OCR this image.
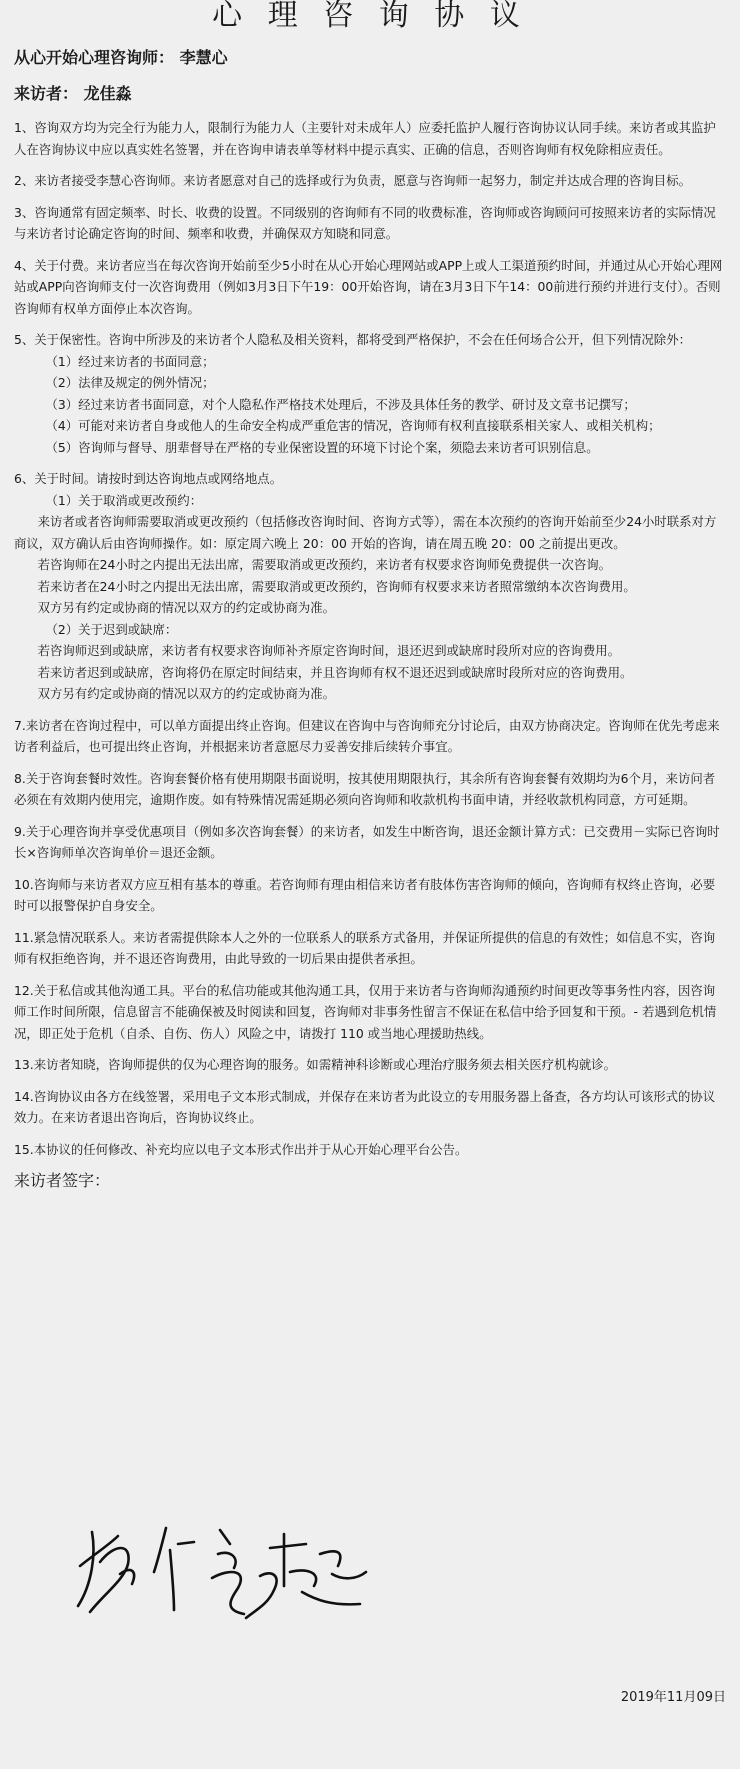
心 理 咨 询 协 议

从心开始心理咨询师： 李慧心

来访者： 龙佳淼

1、咨询双方均为完全行为能力人，限制行为能力人（主要针对未成年人）应委托监护人履行咨询协议认同手续。来访者或其监护人在咨询协议中应以真实姓名签署，并在咨询申请表单等材料中提示真实、正确的信息，否则咨询师有权免除相应责任。

2、来访者接受李慧心咨询师。来访者愿意对自己的选择或行为负责，愿意与咨询师一起努力，制定并达成合理的咨询目标。

3、咨询通常有固定频率、时长、收费的设置。不同级别的咨询师有不同的收费标准，咨询师或咨询顾问可按照来访者的实际情况与来访者讨论确定咨询的时间、频率和收费，并确保双方知晓和同意。

4、关于付费。来访者应当在每次咨询开始前至少5小时在从心开始心理网站或APP上或人工渠道预约时间，并通过从心开始心理网站或APP向咨询师支付一次咨询费用（例如3月3日下午19：00开始咨询，请在3月3日下午14：00前进行预约并进行支付）。否则咨询师有权单方面停止本次咨询。

5、关于保密性。咨询中所涉及的来访者个人隐私及相关资料，都将受到严格保护，不会在任何场合公开，但下列情况除外：
（1）经过来访者的书面同意；
（2）法律及规定的例外情况；
（3）经过来访者书面同意，对个人隐私作严格技术处理后，不涉及具体任务的教学、研讨及文章书记撰写；
（4）可能对来访者自身或他人的生命安全构成严重危害的情况，咨询师有权利直接联系相关家人、或相关机构；
（5）咨询师与督导、朋辈督导在严格的专业保密设置的环境下讨论个案，须隐去来访者可识别信息。

6、关于时间。请按时到达咨询地点或网络地点。
（1）关于取消或更改预约：
来访者或者咨询师需要取消或更改预约（包括修改咨询时间、咨询方式等），需在本次预约的咨询开始前至少24小时联系对方商议，双方确认后由咨询师操作。如：原定周六晚上 20：00 开始的咨询，请在周五晚 20：00 之前提出更改。
若咨询师在24小时之内提出无法出席，需要取消或更改预约，来访者有权要求咨询师免费提供一次咨询。
若来访者在24小时之内提出无法出席，需要取消或更改预约，咨询师有权要求来访者照常缴纳本次咨询费用。
双方另有约定或协商的情况以双方的约定或协商为准。
（2）关于迟到或缺席：
若咨询师迟到或缺席，来访者有权要求咨询师补齐原定咨询时间，退还迟到或缺席时段所对应的咨询费用。
若来访者迟到或缺席，咨询将仍在原定时间结束，并且咨询师有权不退还迟到或缺席时段所对应的咨询费用。
双方另有约定或协商的情况以双方的约定或协商为准。

7.来访者在咨询过程中，可以单方面提出终止咨询。但建议在咨询中与咨询师充分讨论后，由双方协商决定。咨询师在优先考虑来访者利益后，也可提出终止咨询，并根据来访者意愿尽力妥善安排后续转介事宜。

8.关于咨询套餐时效性。咨询套餐价格有使用期限书面说明，按其使用期限执行，其余所有咨询套餐有效期均为6个月，来访问者必须在有效期内使用完，逾期作废。如有特殊情况需延期必须向咨询师和收款机构书面申请，并经收款机构同意，方可延期。

9.关于心理咨询并享受优惠项目（例如多次咨询套餐）的来访者，如发生中断咨询，退还金额计算方式：已交费用－实际已咨询时长×咨询师单次咨询单价＝退还金额。

10.咨询师与来访者双方应互相有基本的尊重。若咨询师有理由相信来访者有肢体伤害咨询师的倾向，咨询师有权终止咨询，必要时可以报警保护自身安全。

11.紧急情况联系人。来访者需提供除本人之外的一位联系人的联系方式备用，并保证所提供的信息的有效性；如信息不实，咨询师有权拒绝咨询，并不退还咨询费用，由此导致的一切后果由提供者承担。

12.关于私信或其他沟通工具。平台的私信功能或其他沟通工具，仅用于来访者与咨询师沟通预约时间更改等事务性内容，因咨询师工作时间所限，信息留言不能确保被及时阅读和回复，咨询师对非事务性留言不保证在私信中给予回复和干预。- 若遇到危机情况，即正处于危机（自杀、自伤、伤人）风险之中，请拨打 110 或当地心理援助热线。

13.来访者知晓，咨询师提供的仅为心理咨询的服务。如需精神科诊断或心理治疗服务须去相关医疗机构就诊。

14.咨询协议由各方在线签署，采用电子文本形式制成，并保存在来访者为此设立的专用服务器上备查，各方均认可该形式的协议效力。在来访者退出咨询后，咨询协议终止。

15.本协议的任何修改、补充均应以电子文本形式作出并于从心开始心理平台公告。

来访者签字：
2019年11月09日
